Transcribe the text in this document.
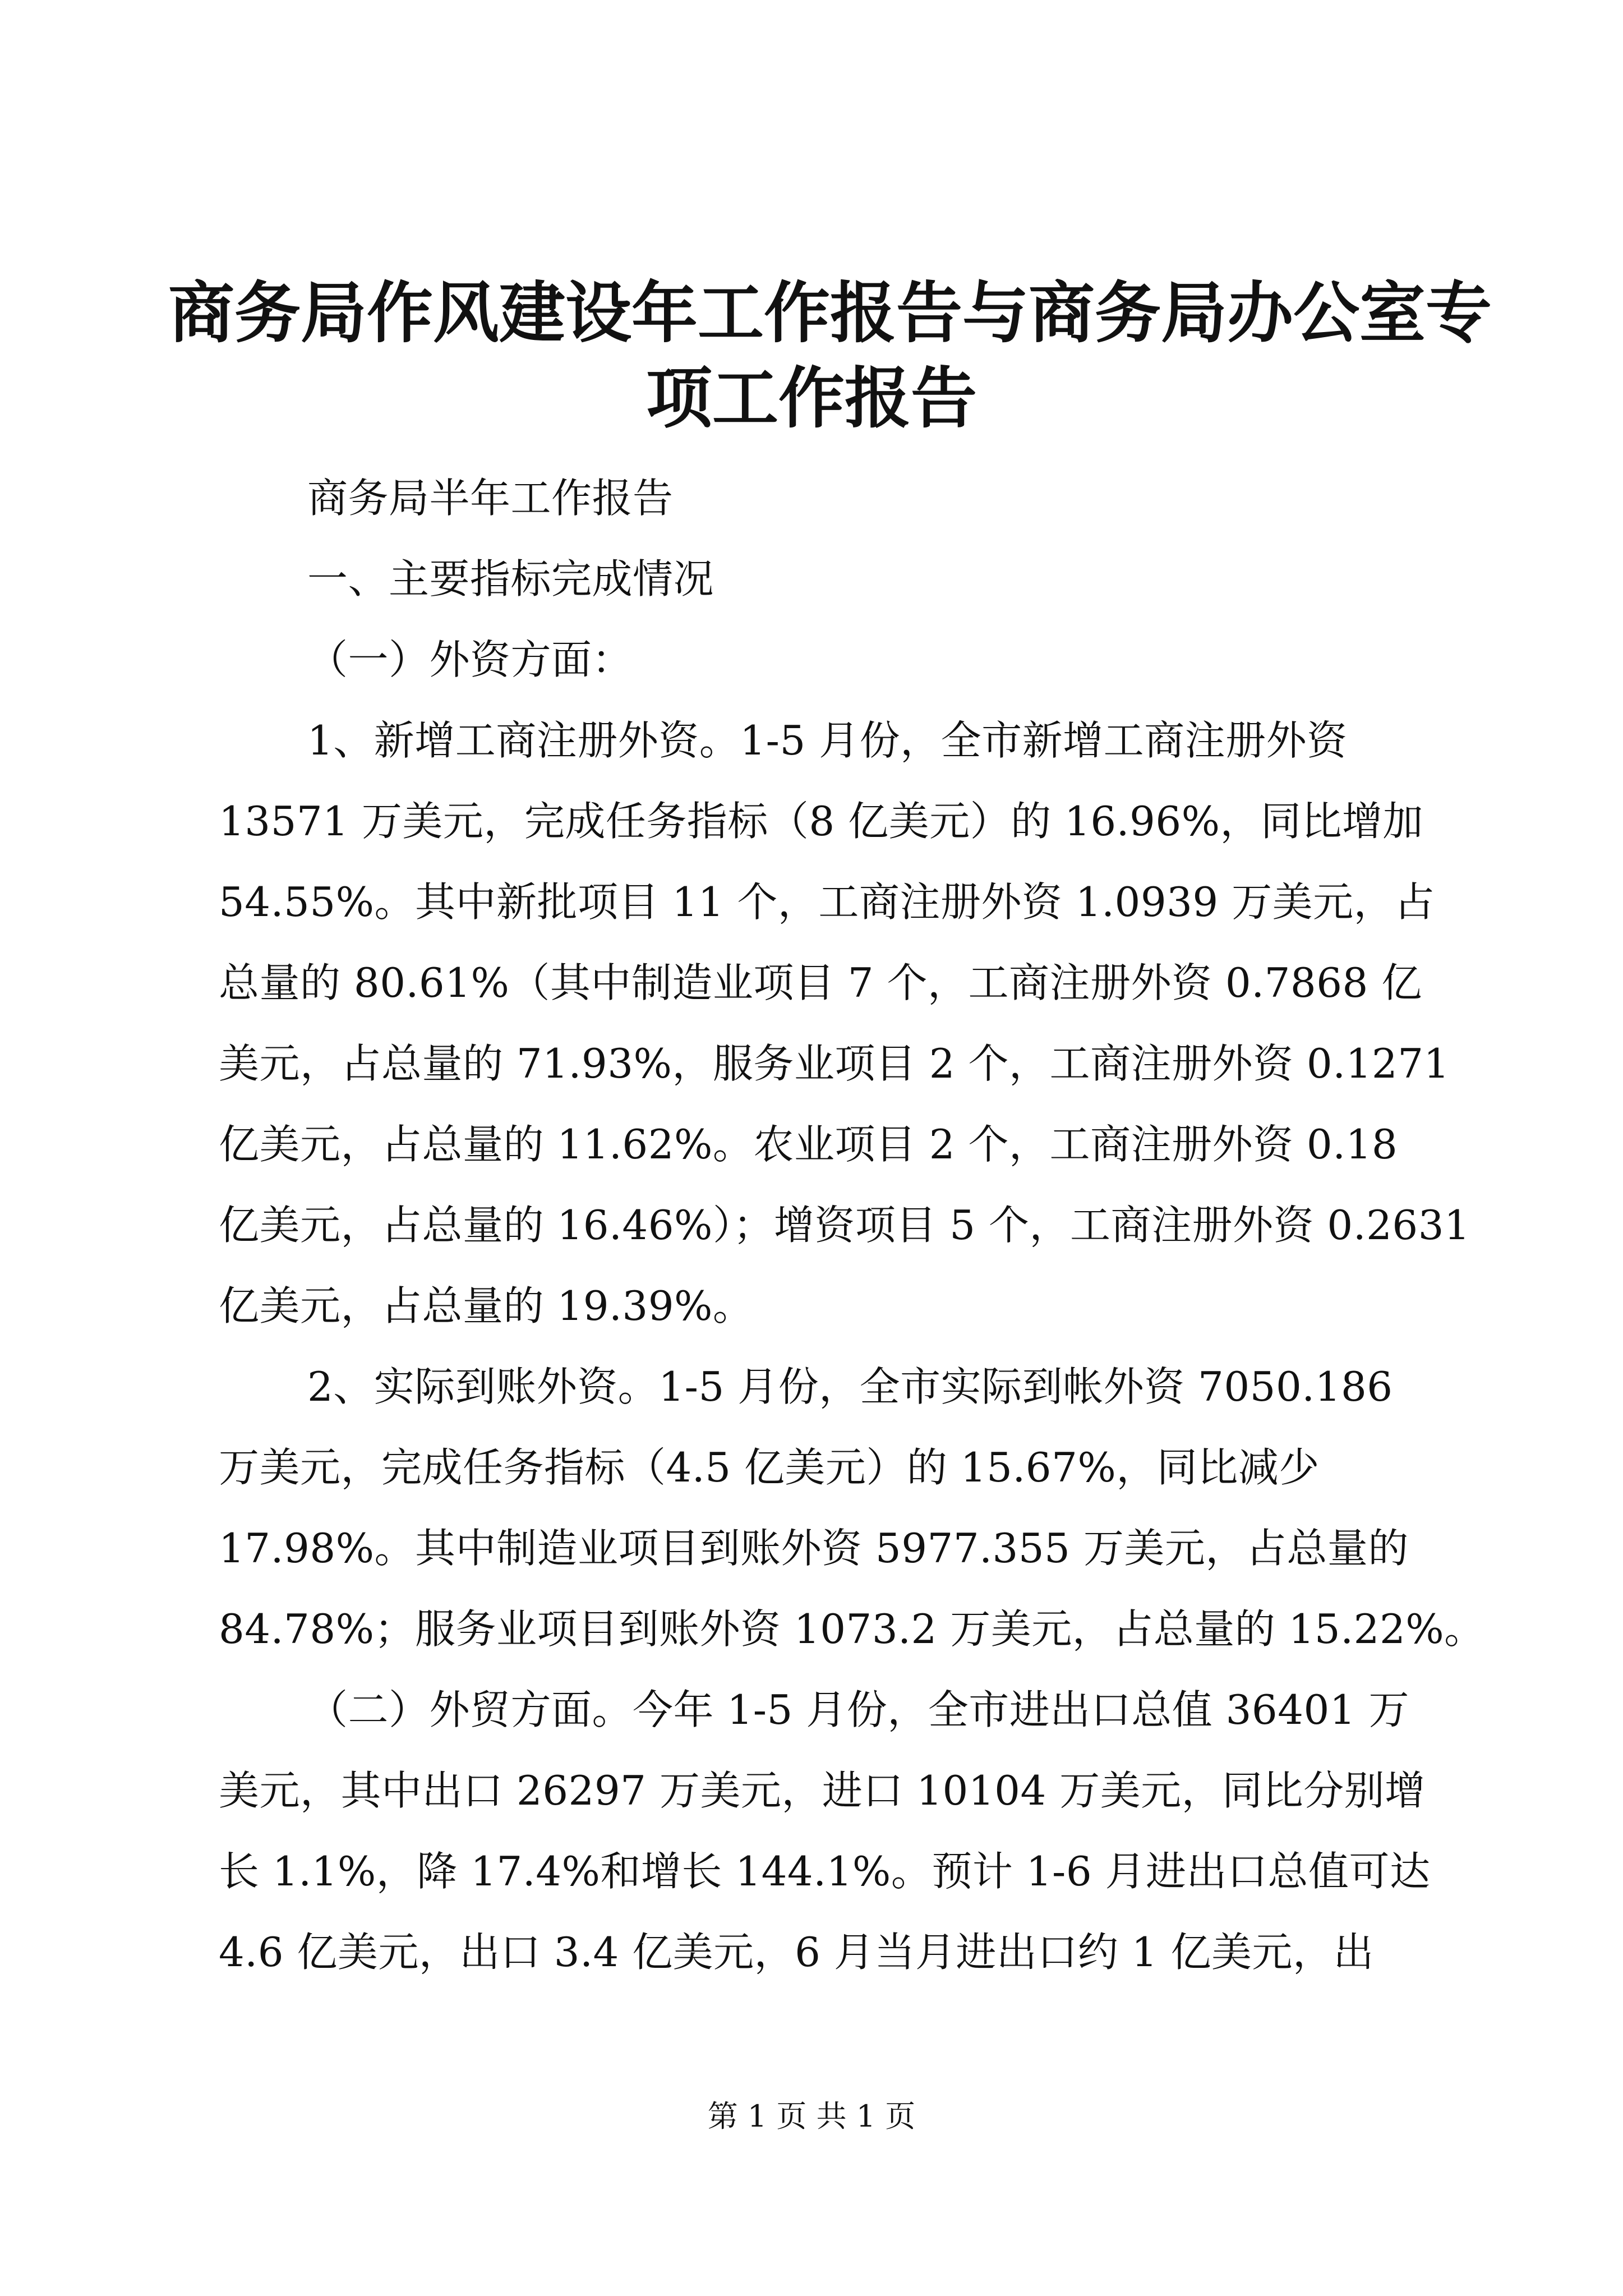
商务局作风建设年工作报告与商务局办公室专
项工作报告
商务局半年工作报告
一、主要指标完成情况
（一）外资方面：
1、新增工商注册外资。1-5 月份，全市新增工商注册外资
13571 万美元，完成任务指标（8 亿美元）的 16.96%，同比增加
54.55%。其中新批项目 11 个，工商注册外资 1.0939 万美元，占
总量的 80.61%（其中制造业项目 7 个，工商注册外资 0.7868 亿
美元，占总量的 71.93%，服务业项目 2 个，工商注册外资 0.1271
亿美元，占总量的 11.62%。农业项目 2 个，工商注册外资 0.18
亿美元，占总量的 16.46%）；增资项目 5 个，工商注册外资 0.2631
亿美元，占总量的 19.39%。
2、实际到账外资。1-5 月份，全市实际到帐外资 7050.186
万美元，完成任务指标（4.5 亿美元）的 15.67%，同比减少
17.98%。其中制造业项目到账外资 5977.355 万美元，占总量的
84.78%；服务业项目到账外资 1073.2 万美元，占总量的 15.22%。
（二）外贸方面。今年 1-5 月份，全市进出口总值 36401 万
美元，其中出口 26297 万美元，进口 10104 万美元，同比分别增
长 1.1%，降 17.4%和增长 144.1%。预计 1-6 月进出口总值可达
4.6 亿美元，出口 3.4 亿美元，6 月当月进出口约 1 亿美元，出
第 1 页 共 1 页
